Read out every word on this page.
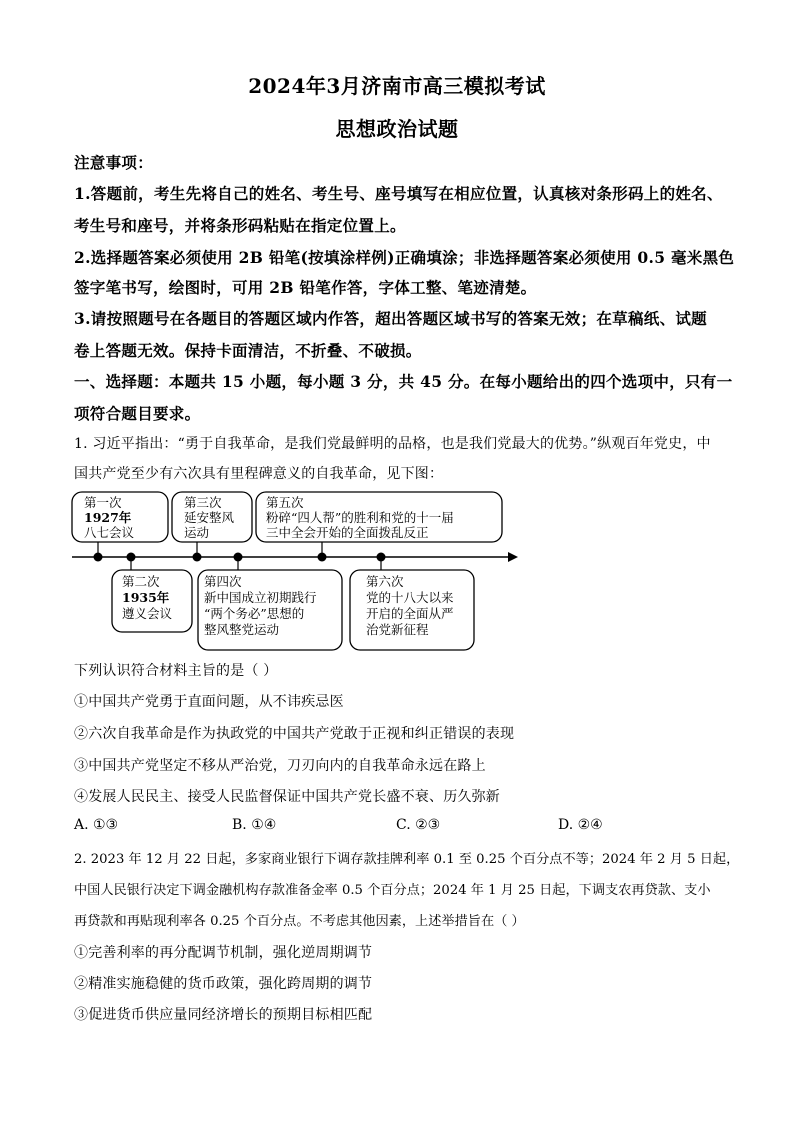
2024年3月济南市高三模拟考试
思想政治试题
注意事项：
1.答题前，考生先将自己的姓名、考生号、座号填写在相应位置，认真核对条形码上的姓名、
考生号和座号，并将条形码粘贴在指定位置上。
2.选择题答案必须使用 2B 铅笔(按填涂样例)正确填涂；非选择题答案必须使用 0.5 毫米黑色
签字笔书写，绘图时，可用 2B 铅笔作答，字体工整、笔迹清楚。
3.请按照题号在各题目的答题区域内作答，超出答题区域书写的答案无效；在草稿纸、试题
卷上答题无效。保持卡面清洁，不折叠、不破损。
一、选择题：本题共 15 小题，每小题 3 分，共 45 分。在每小题给出的四个选项中，只有一
项符合题目要求。
1. 习近平指出：“勇于自我革命，是我们党最鲜明的品格，也是我们党最大的优势。”纵观百年党史，中
国共产党至少有六次具有里程碑意义的自我革命，见下图：
第一次
1927年
八七会议
第三次
延安整风
运动
第五次
粉碎“四人帮”的胜利和党的十一届
三中全会开始的全面拨乱反正
第二次
1935年
遵义会议
第四次
新中国成立初期践行
“两个务必”思想的
整风整党运动
第六次
党的十八大以来
开启的全面从严
治党新征程
下列认识符合材料主旨的是（ ）
①中国共产党勇于直面问题，从不讳疾忌医
②六次自我革命是作为执政党的中国共产党敢于正视和纠正错误的表现
③中国共产党坚定不移从严治党，刀刃向内的自我革命永远在路上
④发展人民民主、接受人民监督保证中国共产党长盛不衰、历久弥新
A. ①③	B. ①④	C. ②③	D. ②④
2. 2023 年 12 月 22 日起，多家商业银行下调存款挂牌利率 0.1 至 0.25 个百分点不等；2024 年 2 月 5 日起，
中国人民银行决定下调金融机构存款准备金率 0.5 个百分点；2024 年 1 月 25 日起，下调支农再贷款、支小
再贷款和再贴现利率各 0.25 个百分点。不考虑其他因素，上述举措旨在（ ）
①完善利率的再分配调节机制，强化逆周期调节
②精准实施稳健的货币政策，强化跨周期的调节
③促进货币供应量同经济增长的预期目标相匹配
